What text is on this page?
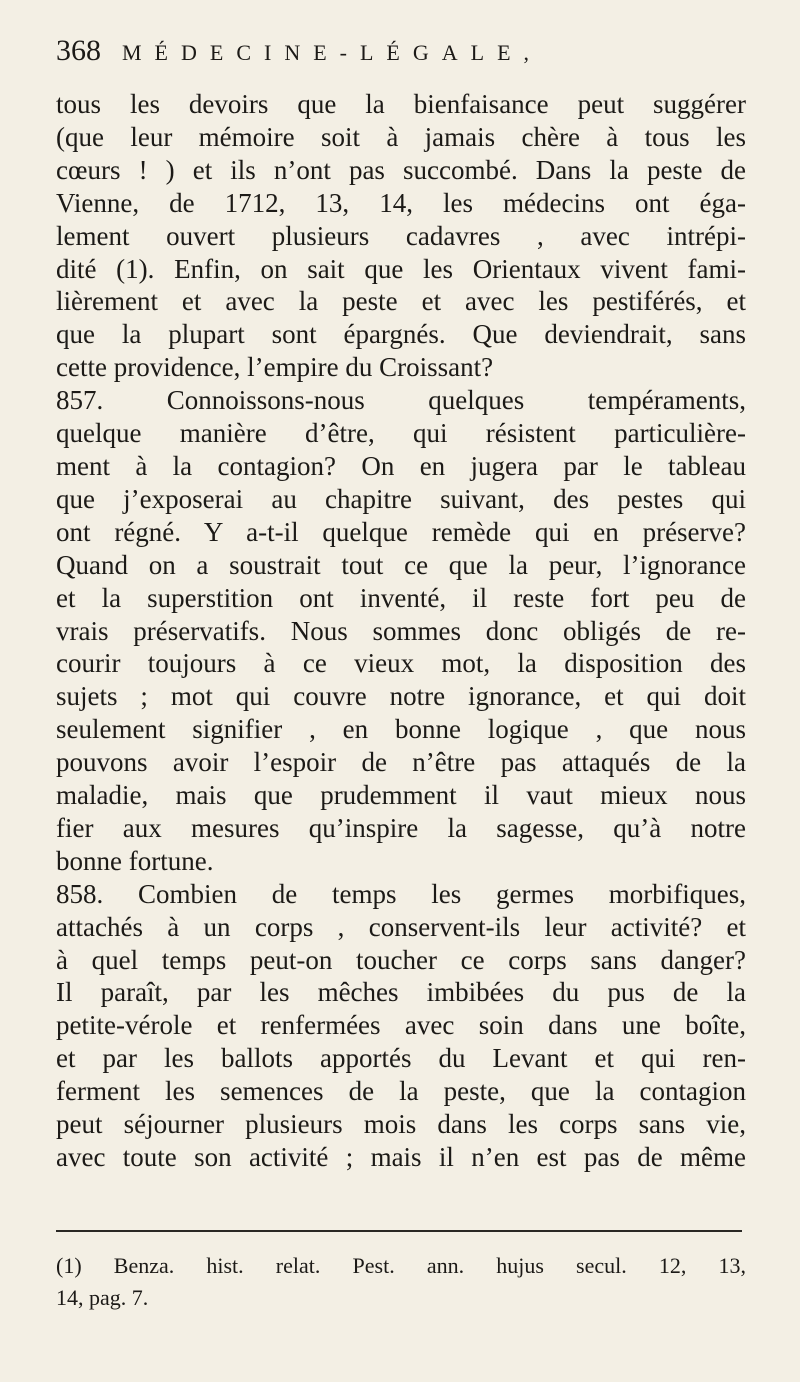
368 MÉDECINE-LÉGALE,
tous les devoirs que la bienfaisance peut suggérer
(que leur mémoire soit à jamais chère à tous les
cœurs ! ) et ils n’ont pas succombé. Dans la peste de
Vienne, de 1712, 13, 14, les médecins ont éga-
lement ouvert plusieurs cadavres , avec intrépi-
dité (1). Enfin, on sait que les Orientaux vivent fami-
lièrement et avec la peste et avec les pestiférés, et
que la plupart sont épargnés. Que deviendrait, sans
cette providence, l’empire du Croissant?
857. Connoissons-nous quelques tempéraments,
quelque manière d’être, qui résistent particulière-
ment à la contagion? On en jugera par le tableau
que j’exposerai au chapitre suivant, des pestes qui
ont régné. Y a-t-il quelque remède qui en préserve?
Quand on a soustrait tout ce que la peur, l’ignorance
et la superstition ont inventé, il reste fort peu de
vrais préservatifs. Nous sommes donc obligés de re-
courir toujours à ce vieux mot, la disposition des
sujets ; mot qui couvre notre ignorance, et qui doit
seulement signifier , en bonne logique , que nous
pouvons avoir l’espoir de n’être pas attaqués de la
maladie, mais que prudemment il vaut mieux nous
fier aux mesures qu’inspire la sagesse, qu’à notre
bonne fortune.
858. Combien de temps les germes morbifiques,
attachés à un corps , conservent-ils leur activité? et
à quel temps peut-on toucher ce corps sans danger?
Il paraît, par les mêches imbibées du pus de la
petite-vérole et renfermées avec soin dans une boîte,
et par les ballots apportés du Levant et qui ren-
ferment les semences de la peste, que la contagion
peut séjourner plusieurs mois dans les corps sans vie,
avec toute son activité ; mais il n’en est pas de même
(1) Benza. hist. relat. Pest. ann. hujus secul. 12, 13,
14, pag. 7.
